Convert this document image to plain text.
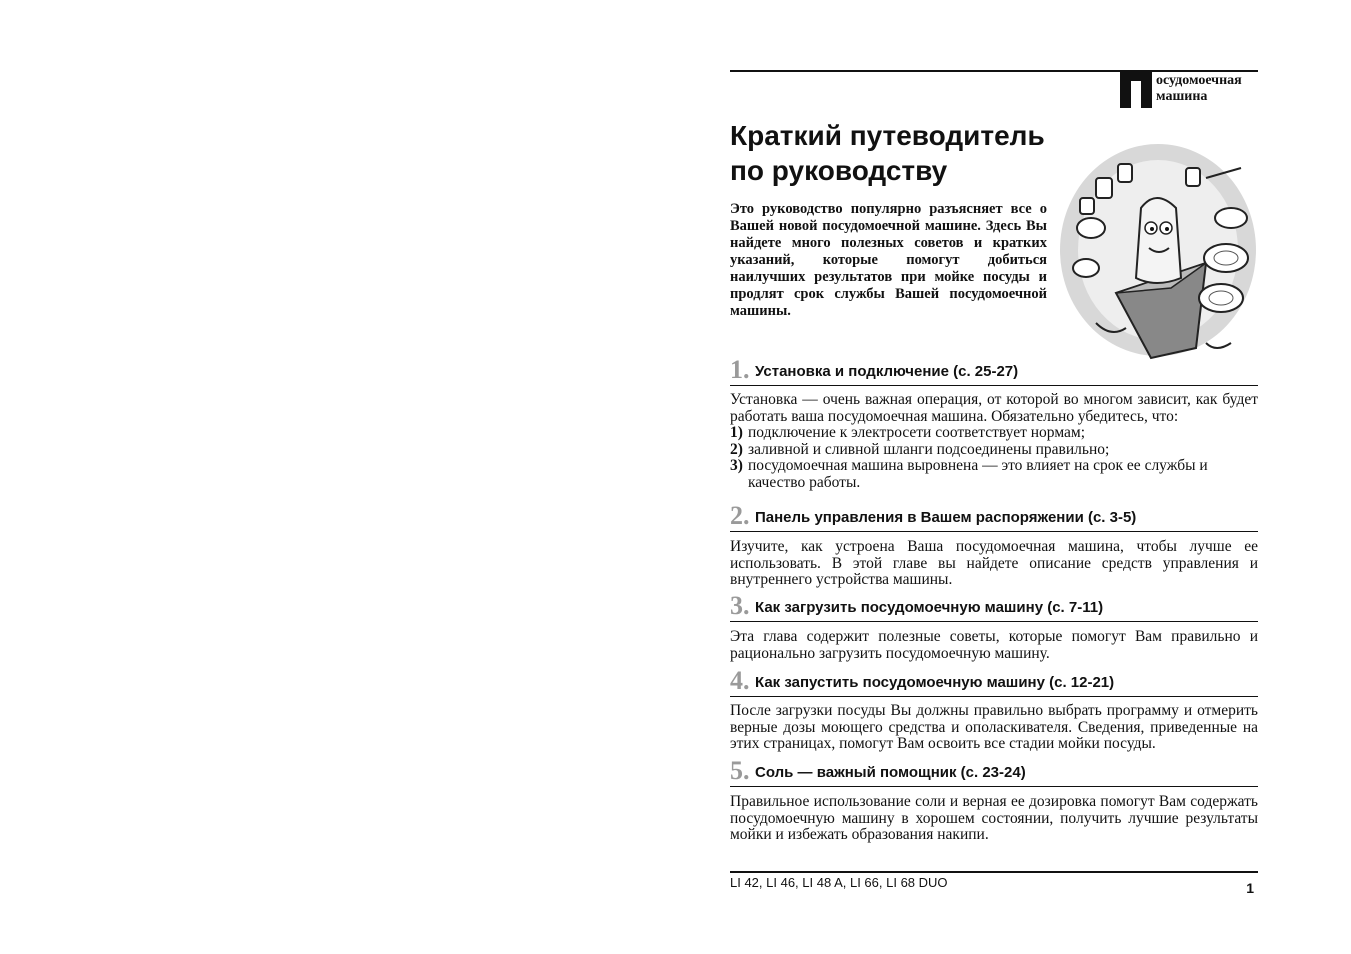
осудомоечная
машина
Краткий путеводитель
по руководству

Это руководство популярно разъясняет все о Вашей новой посудомоечной машине. Здесь Вы найдете много полезных советов и кратких указаний, которые помогут добиться наилучших результатов при мойке посуды и продлят срок службы Вашей посудомоечной машины.

1. Установка и подключение (с. 25-27)
Установка — очень важная операция, от которой во многом зависит, как будет работать ваша посудомоечная машина. Обязательно убедитесь, что:
1) подключение к электросети соответствует нормам;
2) заливной и сливной шланги подсоединены правильно;
3) посудомоечная машина выровнена — это влияет на срок ее службы и качество работы.
2. Панель управления в Вашем распоряжении (с. 3-5)

Изучите, как устроена Ваша посудомоечная машина, чтобы лучше ее использовать. В этой главе вы найдете описание средств управления и внутреннего устройства машины.

3. Как загрузить посудомоечную машину (с. 7-11)

Эта глава содержит полезные советы, которые помогут Вам правильно и рационально загрузить посудомоечную машину.

4. Как запустить посудомоечную машину (с. 12-21)

После загрузки посуды Вы должны правильно выбрать программу и отмерить верные дозы моющего средства и ополаскивателя. Сведения, приведенные на этих страницах, помогут Вам освоить все стадии мойки посуды.

5. Соль — важный помощник (с. 23-24)

Правильное использование соли и верная ее дозировка помогут Вам содержать посудомоечную машину в хорошем состоянии, получить лучшие результаты мойки и избежать образования накипи.

LI 42, LI 46, LI 48 A, LI 66, LI 68 DUO	1
